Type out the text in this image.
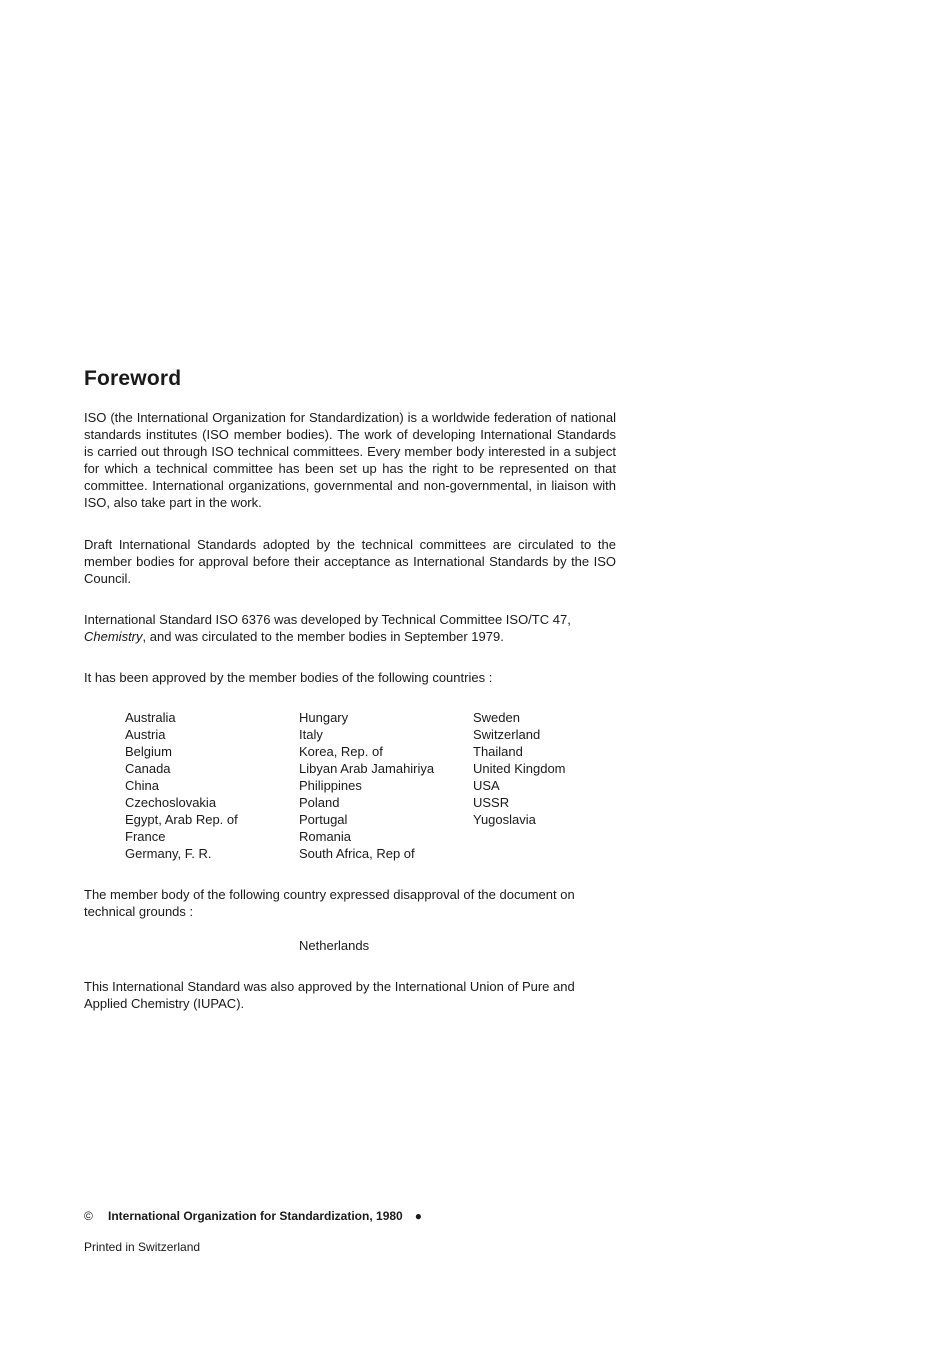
Foreword

ISO (the International Organization for Standardization) is a worldwide federation of national standards institutes (ISO member bodies). The work of developing International Standards is carried out through ISO technical committees. Every member body interested in a subject for which a technical committee has been set up has the right to be represented on that committee. International organizations, governmental and non-governmental, in liaison with ISO, also take part in the work.

Draft International Standards adopted by the technical committees are circulated to the member bodies for approval before their acceptance as International Standards by the ISO Council.

International Standard ISO 6376 was developed by Technical Committee ISO/TC 47,
Chemistry, and was circulated to the member bodies in September 1979.

It has been approved by the member bodies of the following countries :

Australia
Austria
Belgium
Canada
China
Czechoslovakia
Egypt, Arab Rep. of
France
Germany, F. R.
Hungary
Italy
Korea, Rep. of
Libyan Arab Jamahiriya
Philippines
Poland
Portugal
Romania
South Africa, Rep of
Sweden
Switzerland
Thailand
United Kingdom
USA
USSR
Yugoslavia

The member body of the following country expressed disapproval of the document on technical grounds :

Netherlands

This International Standard was also approved by the International Union of Pure and Applied Chemistry (IUPAC).

© International Organization for Standardization, 1980 ●
Printed in Switzerland
